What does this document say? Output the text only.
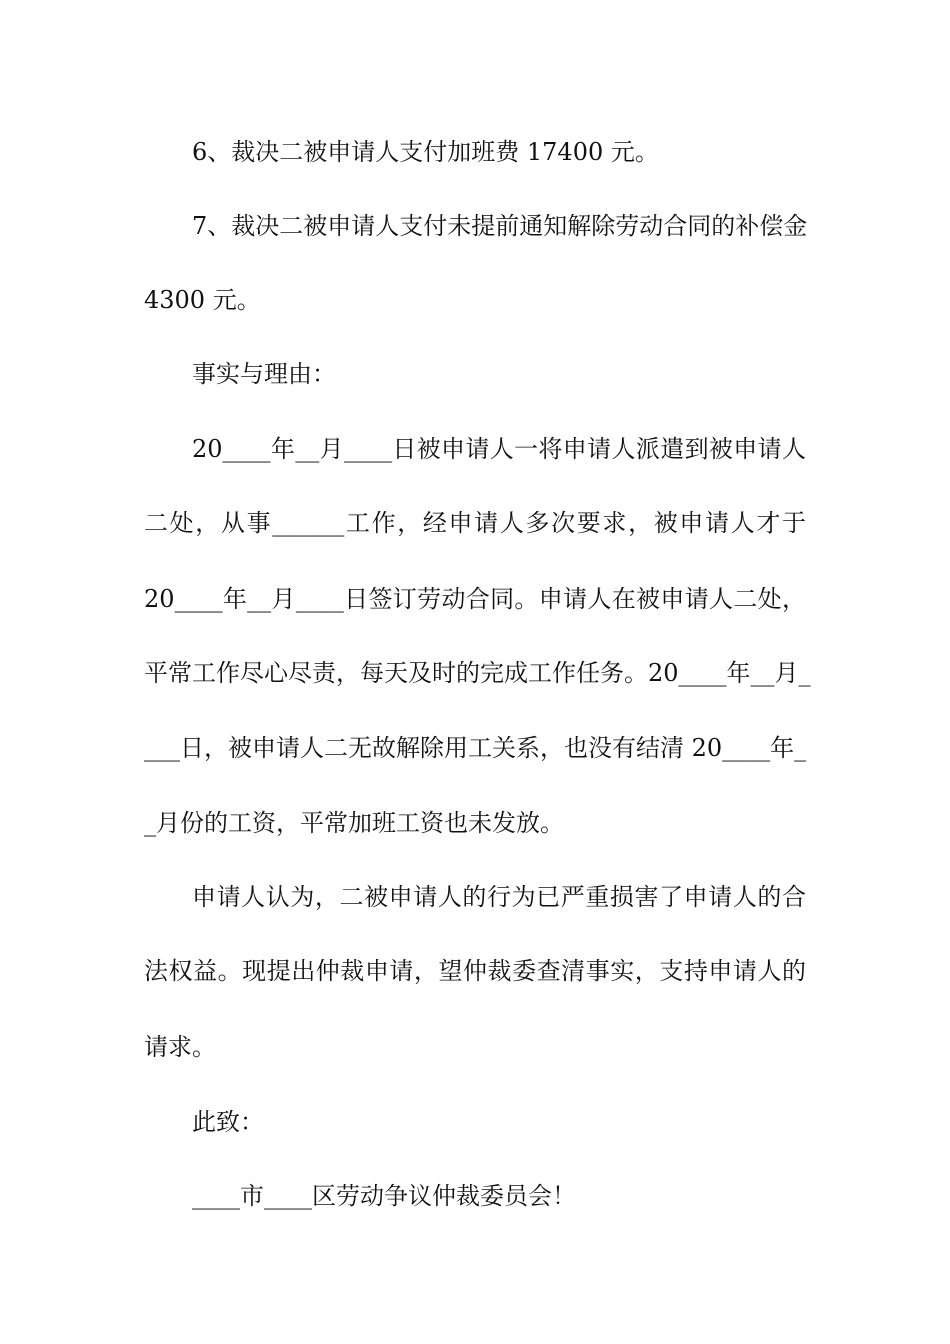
6、裁决二被申请人支付加班费 17400 元。
7、裁决二被申请人支付未提前通知解除劳动合同的补偿金
4300 元。
事实与理由：
20____年__月____日被申请人一将申请人派遣到被申请人
二处，从事______工作，经申请人多次要求，被申请人才于
20____年__月____日签订劳动合同。申请人在被申请人二处，
平常工作尽心尽责，每天及时的完成工作任务。20____年__月_
___日，被申请人二无故解除用工关系，也没有结清 20____年_
_月份的工资，平常加班工资也未发放。
申请人认为，二被申请人的行为已严重损害了申请人的合
法权益。现提出仲裁申请，望仲裁委查清事实，支持申请人的
请求。
此致：
____市____区劳动争议仲裁委员会！
